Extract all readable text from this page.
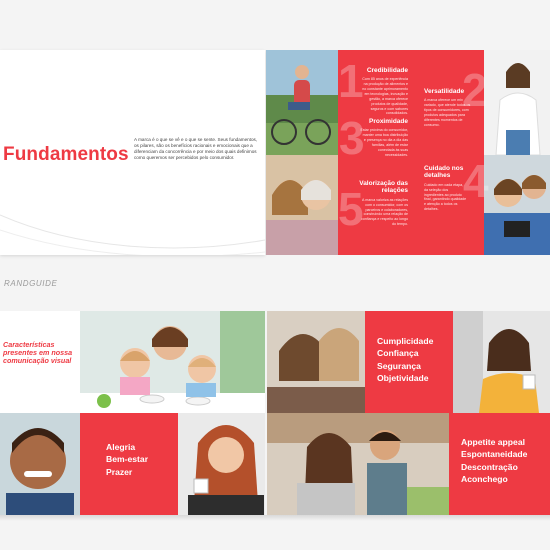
Fundamentos
A marca é o que se vê e o que se sente. Seus fundamentos, os pilares, são os benefícios racionais e emocionais que a diferenciam da concorrência e por meio dos quais definimos como queremos ser percebidos pelo consumidor.
1 2
3
4
5
Credibilidade
Com 85 anos de experiência na produção de alimentos e no constante aprimoramento em tecnologias, inovação e gestão, a marca oferece produtos de qualidade, seguros e com sabores consolidados.
Versatilidade
A marca oferece um mix variado, que atende todos os tipos de consumidores, com produtos adequados para diferentes momentos de consumo.
Proximidade
Estar próxima do consumidor, manter uma boa distribuição e presença no dia a dia das famílias, além de estar conectada às suas necessidades.
Cuidado nos detalhes
Cuidado em cada etapa, da seleção dos ingredientes ao produto final, garantindo qualidade e atenção a todos os detalhes.
Valorização das relações
A marca valoriza as relações com o consumidor, com os parceiros e colaboradores, construindo uma relação de confiança e respeito ao longo do tempo.
RANDGUIDE
Características presentes em nossa comunicação visual
Alegria
Bem-estar
Prazer
Cumplicidade
Confiança
Segurança
Objetividade
Appetite appeal
Espontaneidade
Descontração
Aconchego
